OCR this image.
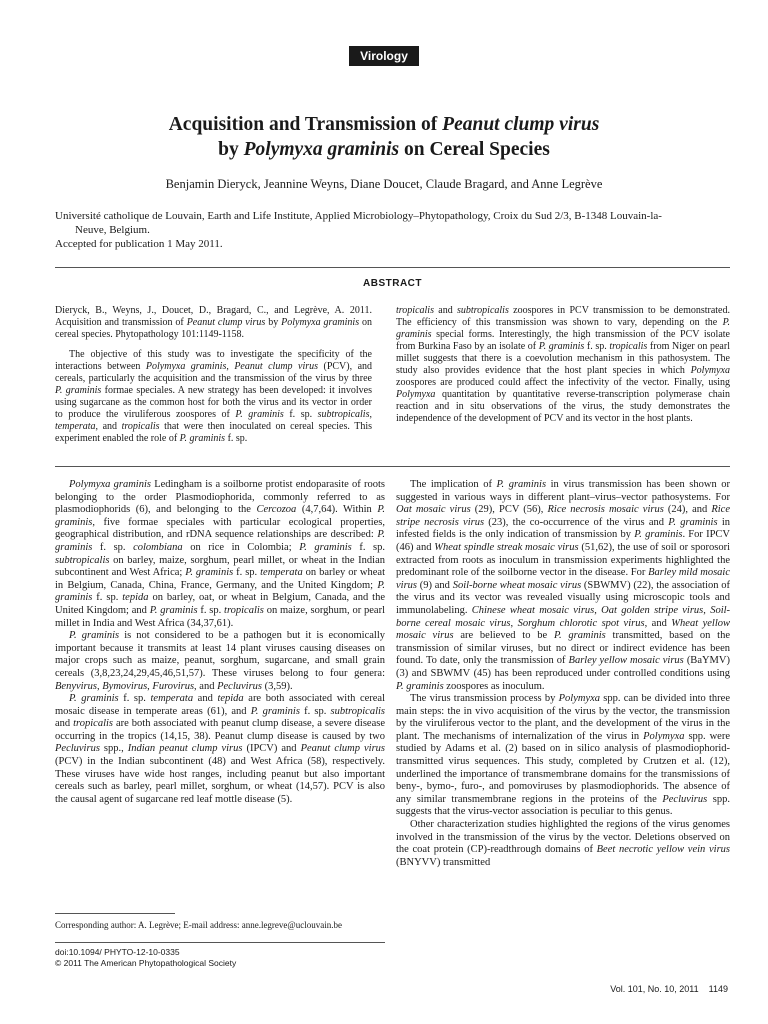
Virology
Acquisition and Transmission of Peanut clump virus
by Polymyxa graminis on Cereal Species
Benjamin Dieryck, Jeannine Weyns, Diane Doucet, Claude Bragard, and Anne Legrève
Université catholique de Louvain, Earth and Life Institute, Applied Microbiology–Phytopathology, Croix du Sud 2/3, B-1348 Louvain-la-
Neuve, Belgium.
Accepted for publication 1 May 2011.
ABSTRACT

Dieryck, B., Weyns, J., Doucet, D., Bragard, C., and Legrève, A. 2011. Acquisition and transmission of Peanut clump virus by Polymyxa graminis on cereal species. Phytopathology 101:1149-1158.

The objective of this study was to investigate the specificity of the interactions between Polymyxa graminis, Peanut clump virus (PCV), and cereals, particularly the acquisition and the transmission of the virus by three P. graminis formae speciales. A new strategy has been developed: it involves using sugarcane as the common host for both the virus and its vector in order to produce the viruliferous zoospores of P. graminis f. sp. subtropicalis, temperata, and tropicalis that were then inoculated on cereal species. This experiment enabled the role of P. graminis f. sp.

tropicalis and subtropicalis zoospores in PCV transmission to be demonstrated. The efficiency of this transmission was shown to vary, depending on the P. graminis special forms. Interestingly, the high transmission of the PCV isolate from Burkina Faso by an isolate of P. graminis f. sp. tropicalis from Niger on pearl millet suggests that there is a coevolution mechanism in this pathosystem. The study also provides evidence that the host plant species in which Polymyxa zoospores are produced could affect the infectivity of the vector. Finally, using Polymyxa quantitation by quantitative reverse-transcription polymerase chain reaction and in situ observations of the virus, the study demonstrates the independence of the development of PCV and its vector in the host plants.

Polymyxa graminis Ledingham is a soilborne protist endoparasite of roots belonging to the order Plasmodiophorida, commonly referred to as plasmodiophorids (6), and belonging to the Cercozoa (4,7,64). Within P. graminis, five formae speciales with particular ecological properties, geographical distribution, and rDNA sequence relationships are described: P. graminis f. sp. colombiana on rice in Colombia; P. graminis f. sp. subtropicalis on barley, maize, sorghum, pearl millet, or wheat in the Indian subcontinent and West Africa; P. graminis f. sp. temperata on barley or wheat in Belgium, Canada, China, France, Germany, and the United Kingdom; P. graminis f. sp. tepida on barley, oat, or wheat in Belgium, Canada, and the United Kingdom; and P. graminis f. sp. tropicalis on maize, sorghum, or pearl millet in India and West Africa (34,37,61).

P. graminis is not considered to be a pathogen but it is economically important because it transmits at least 14 plant viruses causing diseases on major crops such as maize, peanut, sorghum, sugarcane, and small grain cereals (3,8,23,24,29,45,46,51,57). These viruses belong to four genera: Benyvirus, Bymovirus, Furovirus, and Pecluvirus (3,59).

P. graminis f. sp. temperata and tepida are both associated with cereal mosaic disease in temperate areas (61), and P. graminis f. sp. subtropicalis and tropicalis are both associated with peanut clump disease, a severe disease occurring in the tropics (14,15, 38). Peanut clump disease is caused by two Pecluvirus spp., Indian peanut clump virus (IPCV) and Peanut clump virus (PCV) in the Indian subcontinent (48) and West Africa (58), respectively. These viruses have wide host ranges, including peanut but also important cereals such as barley, pearl millet, sorghum, or wheat (14,57). PCV is also the causal agent of sugarcane red leaf mottle disease (5).

The implication of P. graminis in virus transmission has been shown or suggested in various ways in different plant–virus–vector pathosystems. For Oat mosaic virus (29), PCV (56), Rice necrosis mosaic virus (24), and Rice stripe necrosis virus (23), the co-occurrence of the virus and P. graminis in infested fields is the only indication of transmission by P. graminis. For IPCV (46) and Wheat spindle streak mosaic virus (51,62), the use of soil or sporosori extracted from roots as inoculum in transmission experiments highlighted the predominant role of the soilborne vector in the disease. For Barley mild mosaic virus (9) and Soil-borne wheat mosaic virus (SBWMV) (22), the association of the virus and its vector was revealed visually using microscopic tools and immunolabeling. Chinese wheat mosaic virus, Oat golden stripe virus, Soil-borne cereal mosaic virus, Sorghum chlorotic spot virus, and Wheat yellow mosaic virus are believed to be P. graminis transmitted, based on the transmission of similar viruses, but no direct or indirect evidence has been found. To date, only the transmission of Barley yellow mosaic virus (BaYMV) (3) and SBWMV (45) has been reproduced under controlled conditions using P. graminis zoospores as inoculum.

The virus transmission process by Polymyxa spp. can be divided into three main steps: the in vivo acquisition of the virus by the vector, the transmission by the viruliferous vector to the plant, and the development of the virus in the plant. The mechanisms of internalization of the virus in Polymyxa spp. were studied by Adams et al. (2) based on in silico analysis of plasmodiophorid-transmitted virus sequences. This study, completed by Crutzen et al. (12), underlined the importance of transmembrane domains for the transmissions of beny-, bymo-, furo-, and pomoviruses by plasmodiophorids. The absence of any similar transmembrane regions in the proteins of the Pecluvirus spp. suggests that the virus-vector association is peculiar to this genus.

Other characterization studies highlighted the regions of the virus genomes involved in the transmission of the virus by the vector. Deletions observed on the coat protein (CP)-readthrough domains of Beet necrotic yellow vein virus (BNYVV) transmitted

Corresponding author: A. Legrève; E-mail address: anne.legreve@uclouvain.be
doi:10.1094/ PHYTO-12-10-0335
© 2011 The American Phytopathological Society
Vol. 101, No. 10, 2011 1149
